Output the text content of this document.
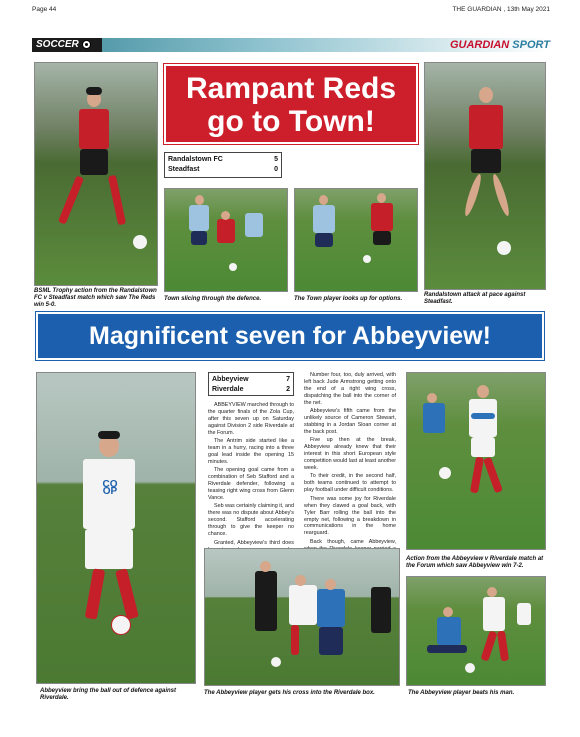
Page 44	THE GUARDIAN , 13th May 2021
SOCCER	GUARDIAN SPORT
Rampant Reds
go to Town!
Randalstown FC	5
Steadfast	0
BSML Trophy action from the Randalstown FC v Steadfast match which saw The Reds win 5-0.
Town slicing through the defence.	The Town player looks up for options.
Randalstown attack at pace against Steadfast.
Magnificent seven for Abbeyview!
CO OP
Abbeyview bring the ball out of defence against Riverdale.
Abbeyview	7
Riverdale	2

ABBEYVIEW marched through to the quarter finals of the Zola Cup, after this seven up on Saturday against Division 2 side Riverdale at the Forum.

The Antrim side started like a team in a hurry, racing into a three goal lead inside the opening 15 minutes.

The opening goal came from a combination of Seb Stafford and a Riverdale defender, following a teasing right wing cross from Glenn Vance.

Seb was certainly claiming it, and there was no dispute about Abbey's second. Stafford accelerating through to give the keeper no chance.

Granted, Abbeyview's third does

Number four, too, duly arrived, with left back Jude Armstrong getting onto the end of a right wing cross, dispatching the ball into the corner of the net.

Abbeyview's fifth came from the unlikely source of Cameron Stewart, stabbing in a Jordan Sloan corner at the back post.

Five up then at the break, Abbeyview already knew that their interest in this short European style competition would last at least another week.

To their credit, in the second half, both teams continued to attempt to play football under difficult conditions.

There was some joy for Riverdale when they clawed a goal back, with Tyler Barr rolling the ball into the empty net, following a breakdown in communications in the home rearguard.

Back though, came Abbeyview,

Action from the Abbeyview v Riverdale match at the Forum which saw Abbeyview win 7-2.
The Abbeyview player gets his cross into the Riverdale box.	The Abbeyview player beats his man.
